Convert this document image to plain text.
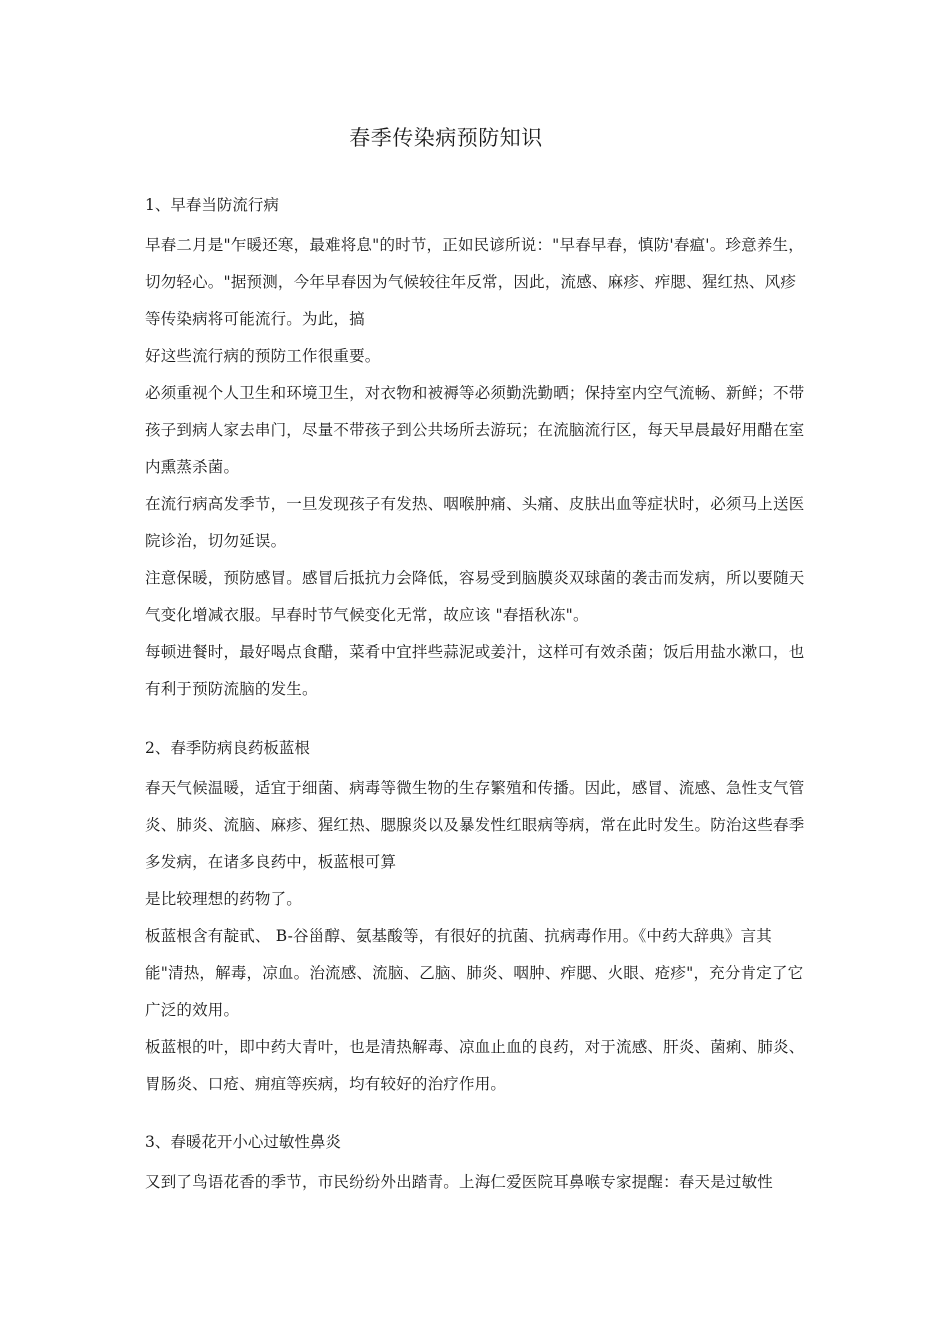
春季传染病预防知识
1、早春当防流行病

早春二月是"乍暖还寒，最难将息"的时节，正如民谚所说："早春早春，慎防'春瘟'。珍意养生，切勿轻心。"据预测，今年早春因为气候较往年反常，因此，流感、麻疹、痄腮、猩红热、风疹等传染病将可能流行。为此，搞

好这些流行病的预防工作很重要。

必须重视个人卫生和环境卫生，对衣物和被褥等必须勤洗勤晒；保持室内空气流畅、新鲜；不带孩子到病人家去串门，尽量不带孩子到公共场所去游玩；在流脑流行区，每天早晨最好用醋在室内熏蒸杀菌。

在流行病高发季节，一旦发现孩子有发热、咽喉肿痛、头痛、皮肤出血等症状时，必须马上送医院诊治，切勿延误。

注意保暖，预防感冒。感冒后抵抗力会降低，容易受到脑膜炎双球菌的袭击而发病，所以要随天气变化增减衣服。早春时节气候变化无常，故应该 "春捂秋冻"。

每顿进餐时，最好喝点食醋，菜肴中宜拌些蒜泥或姜汁，这样可有效杀菌；饭后用盐水漱口，也有利于预防流脑的发生。

2、春季防病良药板蓝根

春天气候温暖，适宜于细菌、病毒等微生物的生存繁殖和传播。因此，感冒、流感、急性支气管炎、肺炎、流脑、麻疹、猩红热、腮腺炎以及暴发性红眼病等病，常在此时发生。防治这些春季多发病，在诸多良药中，板蓝根可算

是比较理想的药物了。

板蓝根含有靛甙、 B-谷甾醇、氨基酸等，有很好的抗菌、抗病毒作用。《中药大辞典》言其能"清热，解毒，凉血。治流感、流脑、乙脑、肺炎、咽肿、痄腮、火眼、疮疹"，充分肯定了它广泛的效用。

板蓝根的叶，即中药大青叶，也是清热解毒、凉血止血的良药，对于流感、肝炎、菌痢、肺炎、胃肠炎、口疮、痈疽等疾病，均有较好的治疗作用。

3、春暖花开小心过敏性鼻炎

又到了鸟语花香的季节，市民纷纷外出踏青。上海仁爱医院耳鼻喉专家提醒：春天是过敏性
